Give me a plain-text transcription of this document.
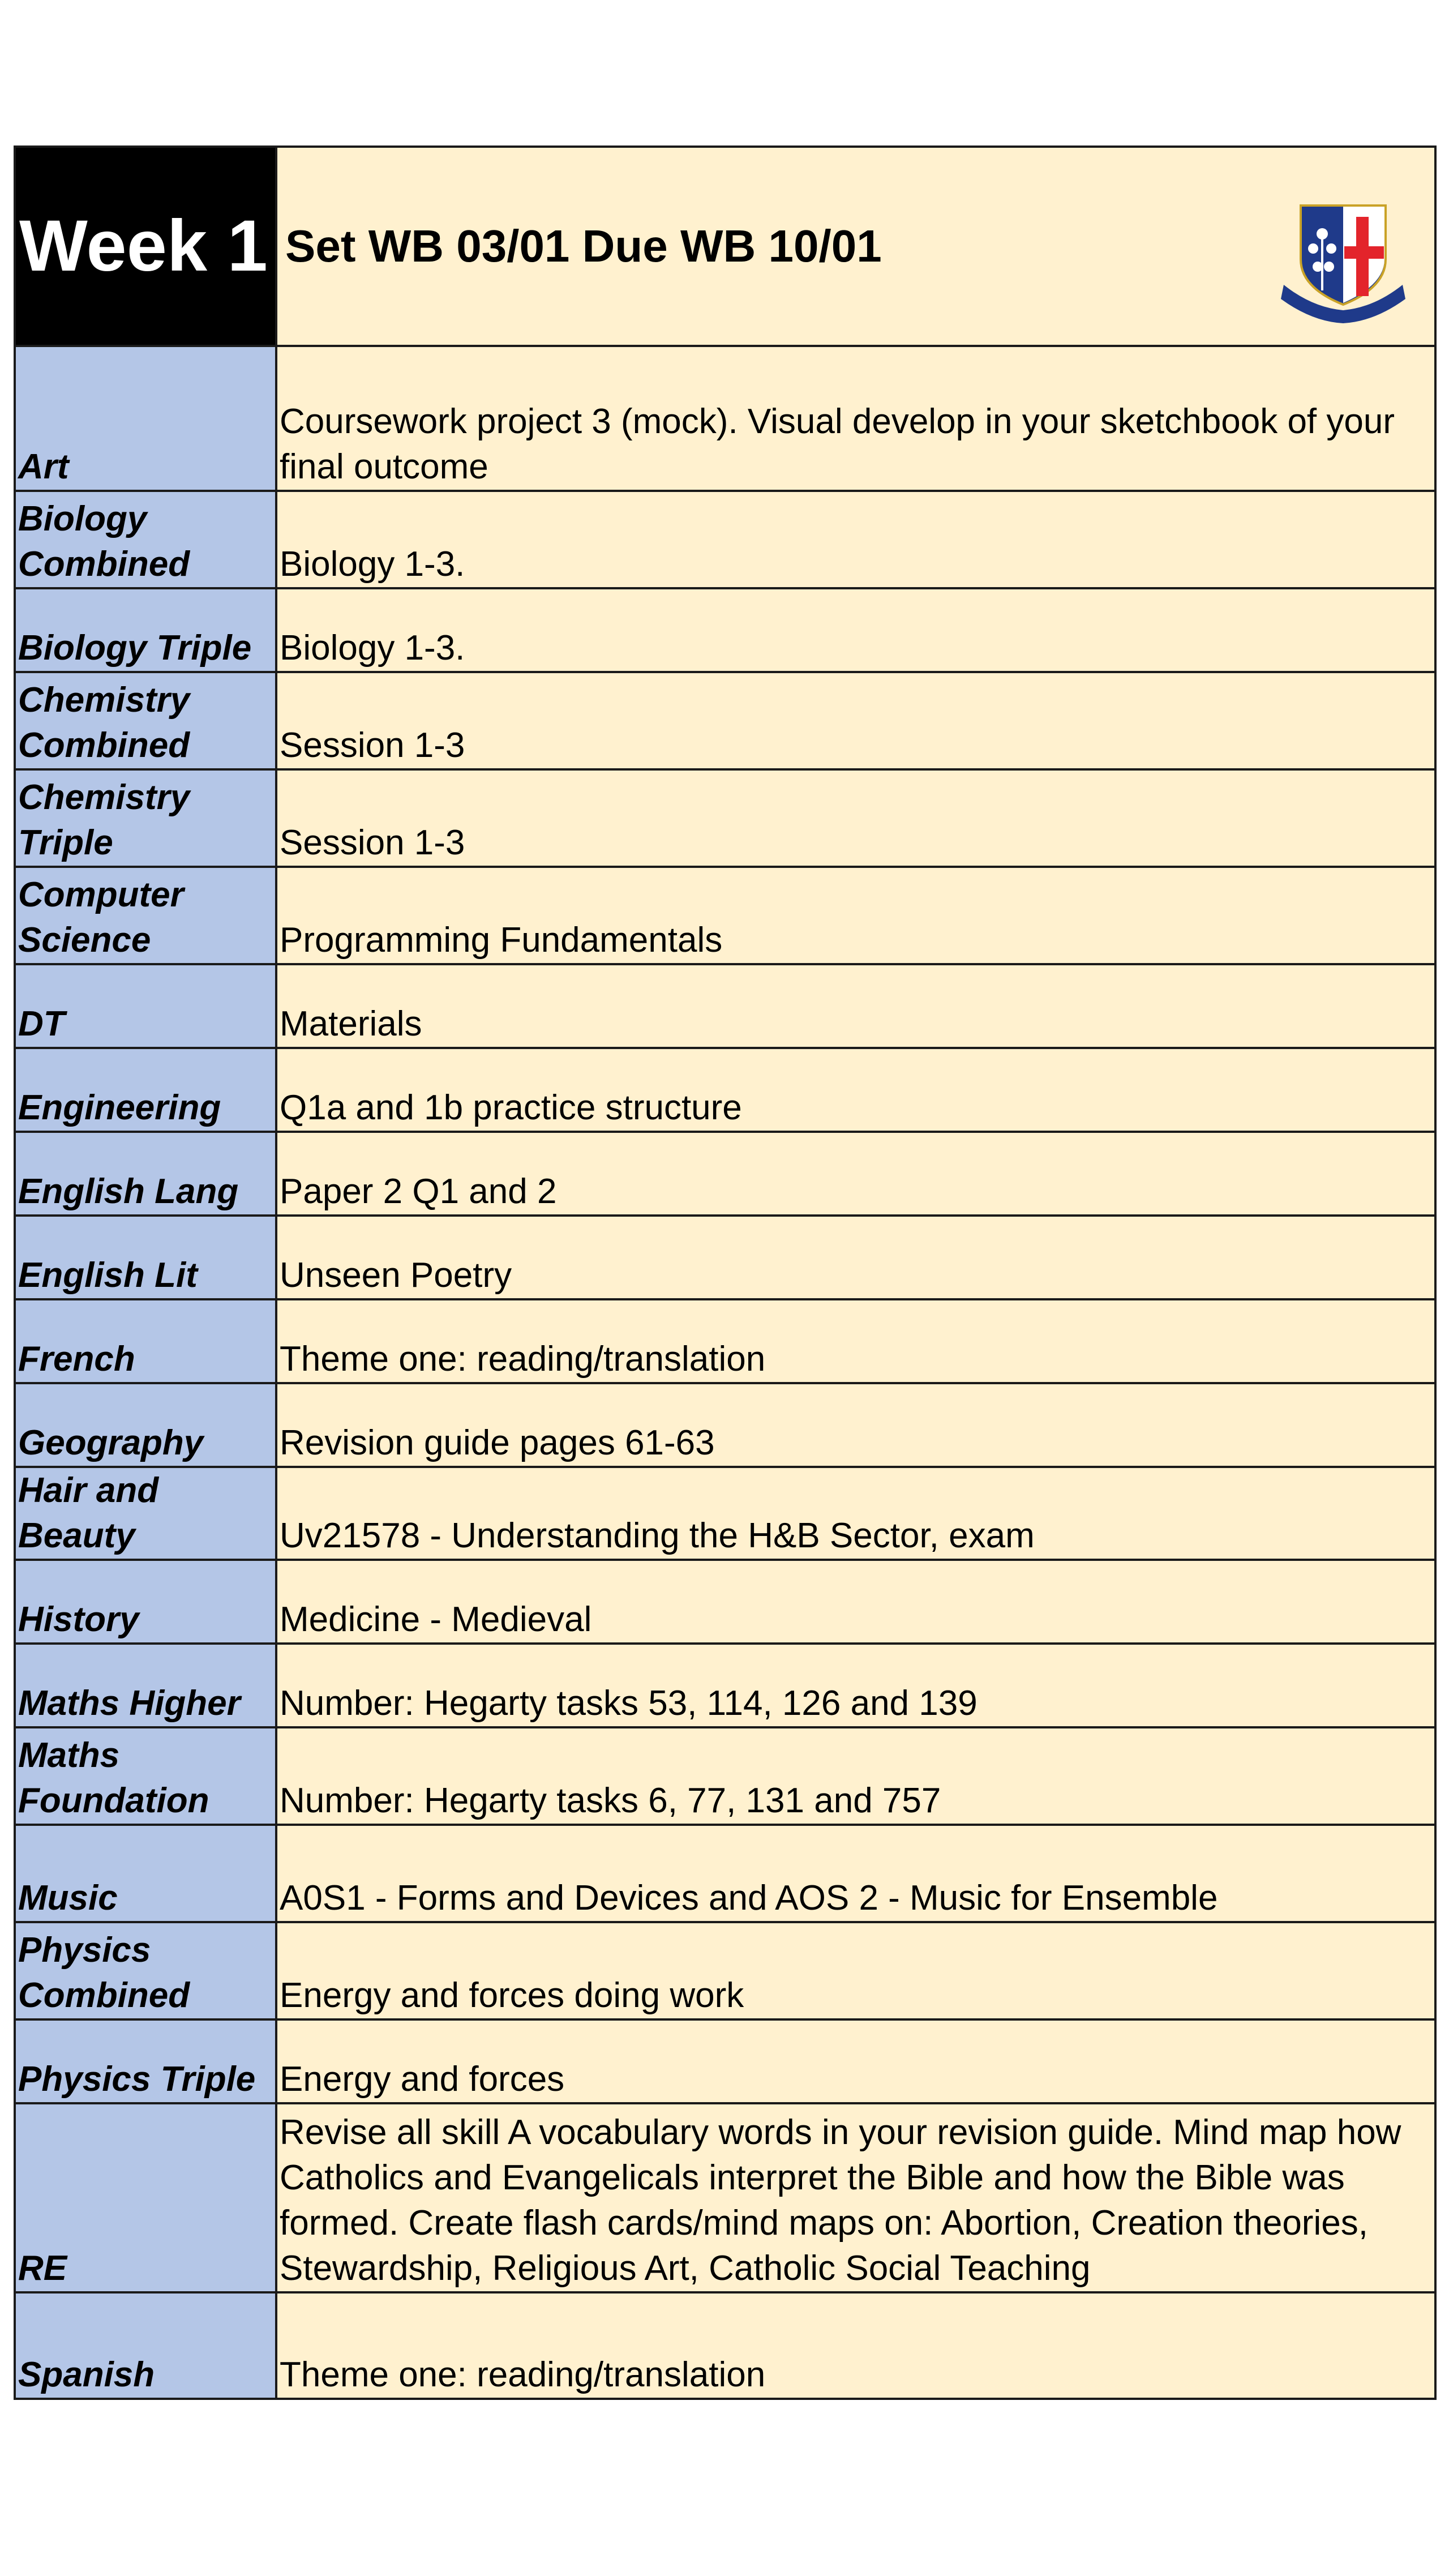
Week 1	Set WB 03/01 Due WB 10/01

Art	Coursework project 3 (mock). Visual develop in your sketchbook of your final outcome
Biology Combined	Biology 1-3.
Biology Triple	Biology 1-3.
Chemistry Combined	Session 1-3
Chemistry Triple	Session 1-3
Computer Science	Programming Fundamentals
DT	Materials
Engineering	Q1a and 1b practice structure
English Lang	Paper 2 Q1 and 2
English Lit	Unseen Poetry
French	Theme one: reading/translation
Geography	Revision guide pages 61-63
Hair and Beauty	Uv21578 - Understanding the H&B Sector, exam
History	Medicine - Medieval
Maths Higher	Number: Hegarty tasks 53, 114, 126 and 139
Maths Foundation	Number: Hegarty tasks 6, 77, 131 and 757
Music	A0S1 - Forms and Devices and AOS 2 - Music for Ensemble
Physics Combined	Energy and forces doing work
Physics Triple	Energy and forces
RE	Revise all skill A vocabulary words in your revision guide. Mind map how Catholics and Evangelicals interpret the Bible and how the Bible was formed. Create flash cards/mind maps on: Abortion, Creation theories, Stewardship, Religious Art, Catholic Social Teaching
Spanish	Theme one: reading/translation
